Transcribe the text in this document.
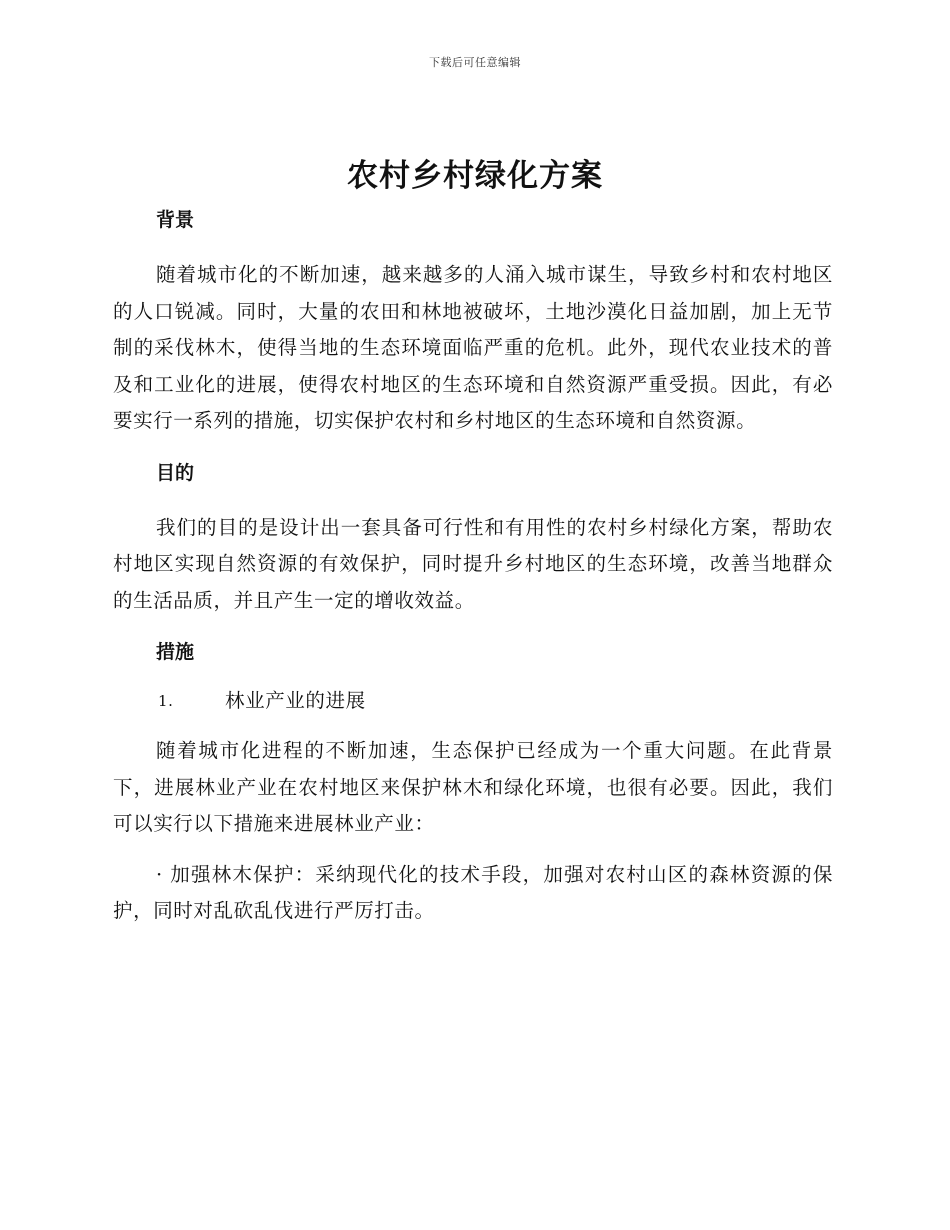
下载后可任意编辑
农村乡村绿化方案
背景

随着城市化的不断加速，越来越多的人涌入城市谋生，导致乡村和农村地区的人口锐减。同时，大量的农田和林地被破坏，土地沙漠化日益加剧，加上无节制的采伐林木，使得当地的生态环境面临严重的危机。此外，现代农业技术的普及和工业化的进展，使得农村地区的生态环境和自然资源严重受损。因此，有必要实行一系列的措施，切实保护农村和乡村地区的生态环境和自然资源。

目的

我们的目的是设计出一套具备可行性和有用性的农村乡村绿化方案，帮助农村地区实现自然资源的有效保护，同时提升乡村地区的生态环境，改善当地群众的生活品质，并且产生一定的增收效益。

措施
1.	林业产业的进展

随着城市化进程的不断加速，生态保护已经成为一个重大问题。在此背景下，进展林业产业在农村地区来保护林木和绿化环境，也很有必要。因此，我们可以实行以下措施来进展林业产业：

· 加强林木保护：采纳现代化的技术手段，加强对农村山区的森林资源的保护，同时对乱砍乱伐进行严厉打击。
